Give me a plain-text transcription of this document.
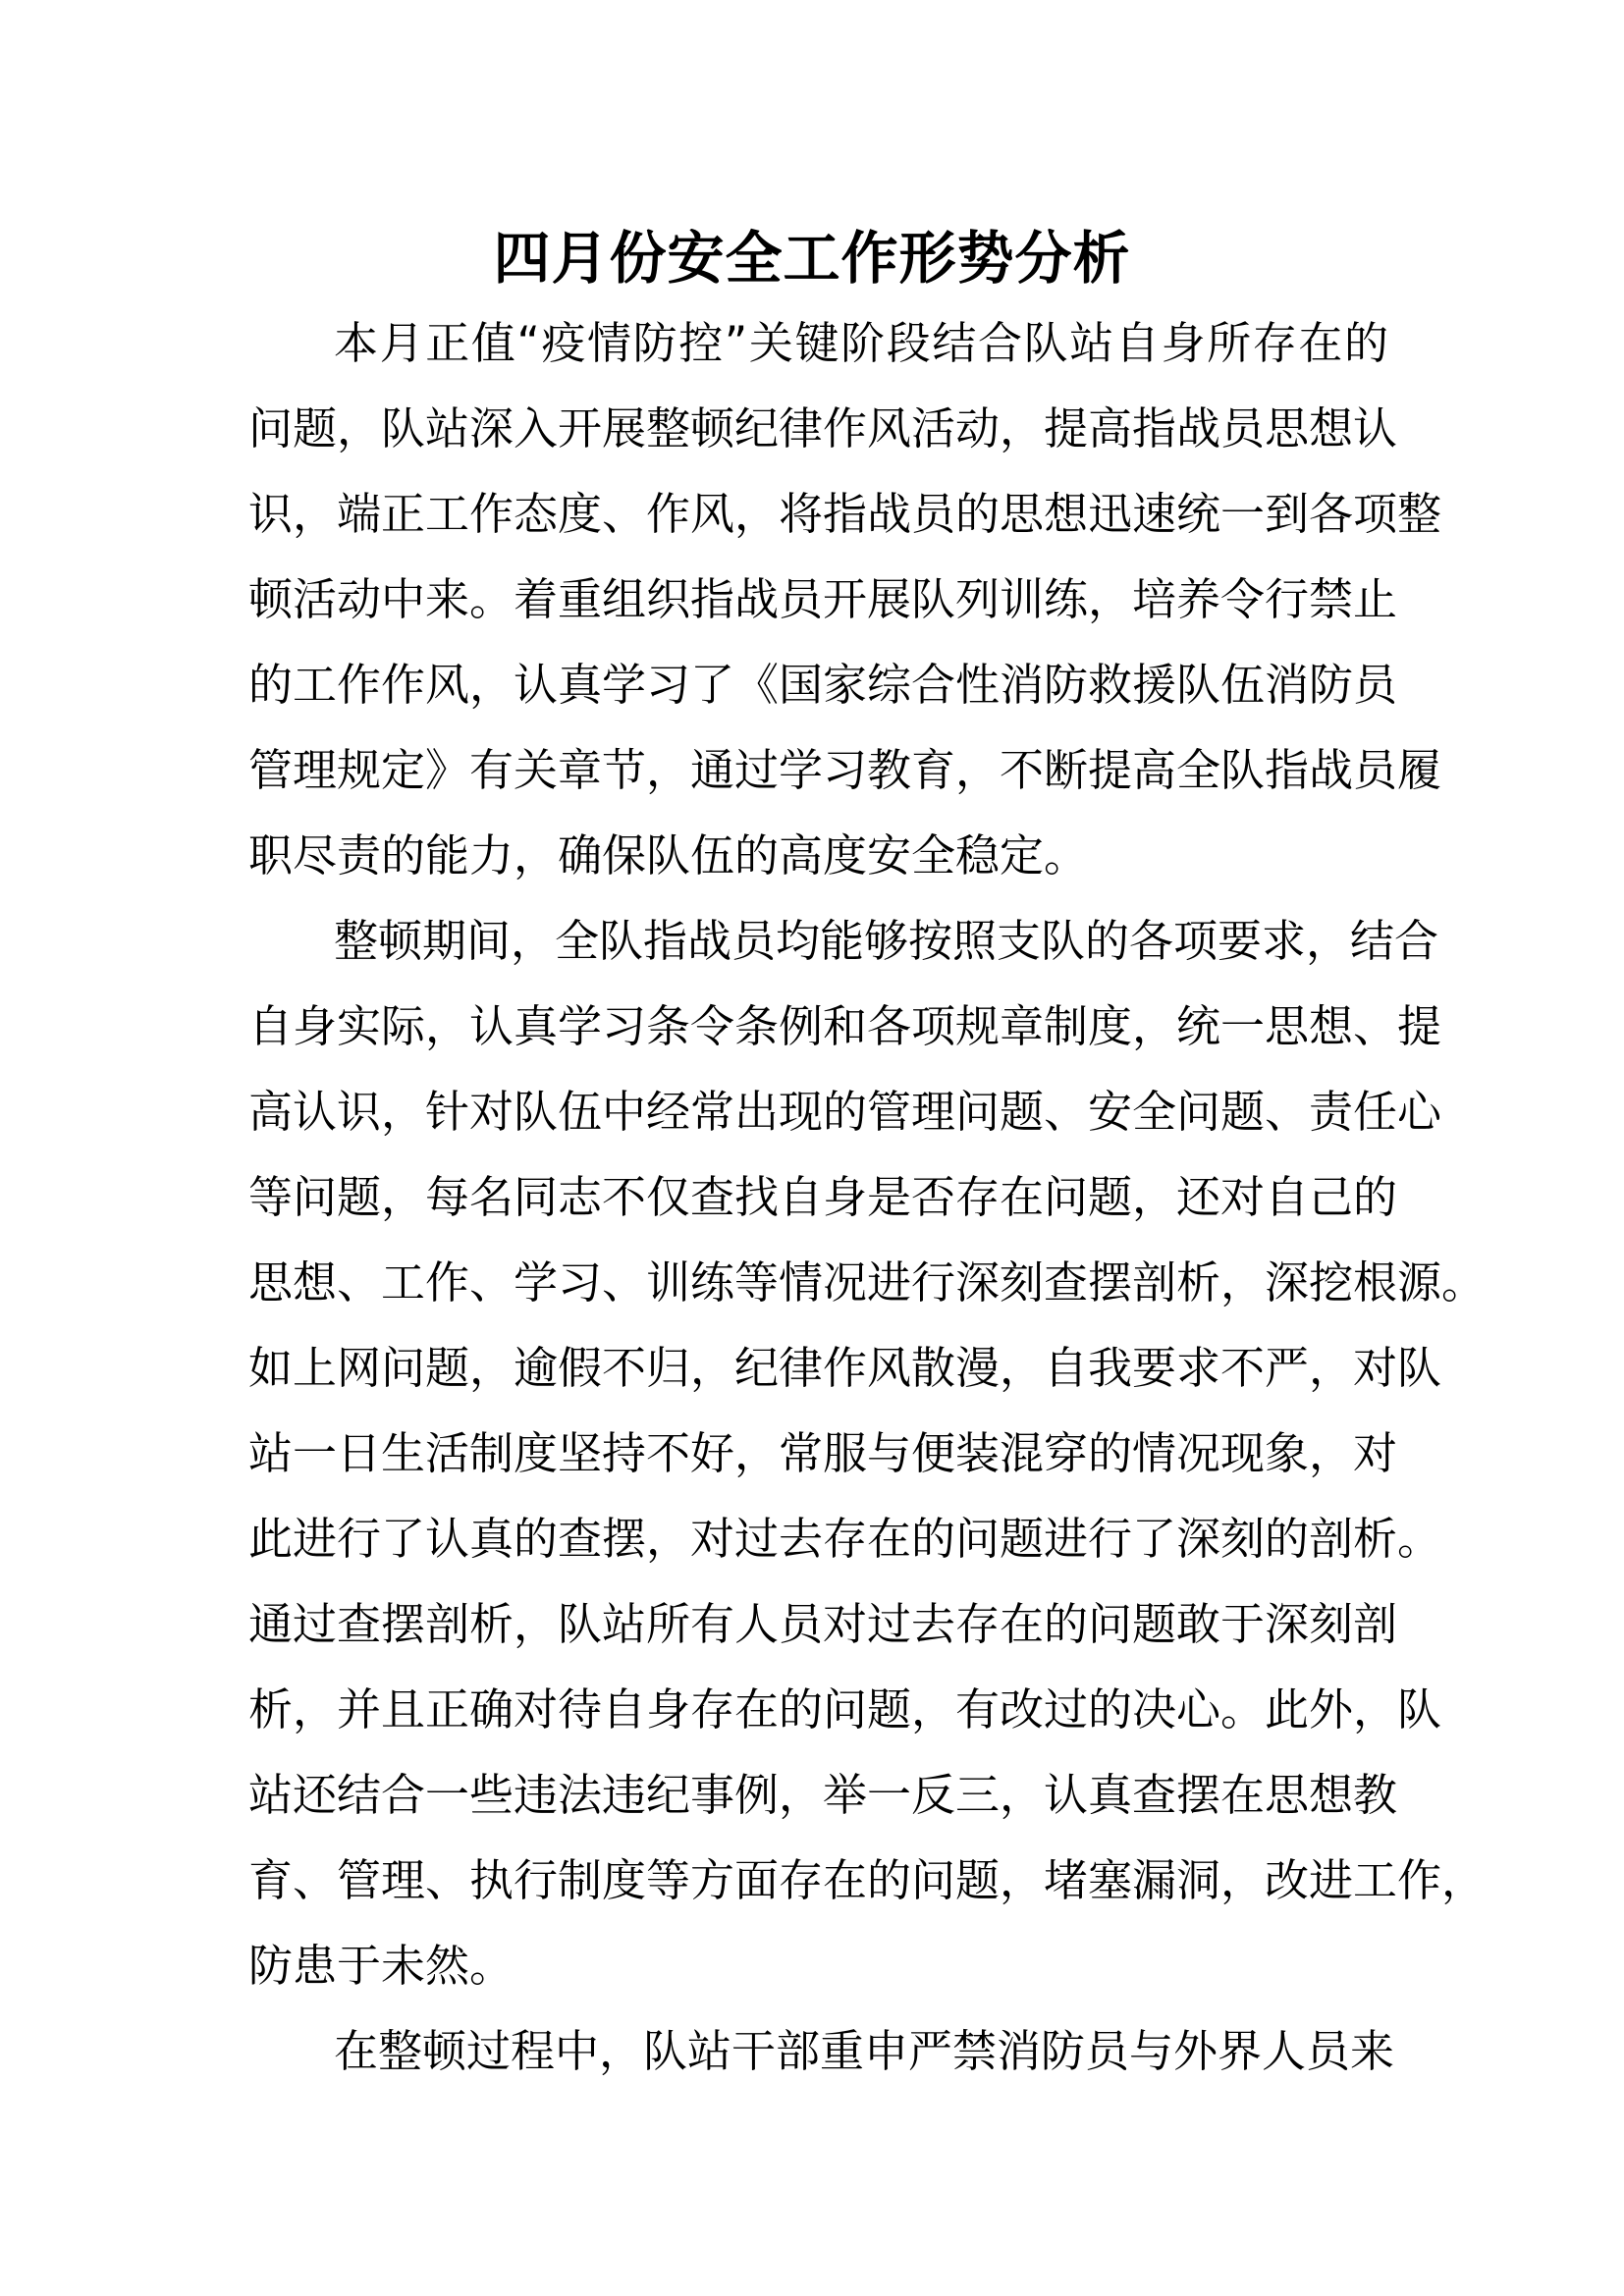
四月份安全工作形势分析
本月正值“疫情防控”关键阶段结合队站自身所存在的
问题，队站深入开展整顿纪律作风活动，提高指战员思想认
识，端正工作态度、作风，将指战员的思想迅速统一到各项整
顿活动中来。着重组织指战员开展队列训练，培养令行禁止
的工作作风，认真学习了《国家综合性消防救援队伍消防员
管理规定》有关章节，通过学习教育，不断提高全队指战员履
职尽责的能力，确保队伍的高度安全稳定。
整顿期间，全队指战员均能够按照支队的各项要求，结合
自身实际，认真学习条令条例和各项规章制度，统一思想、提
高认识，针对队伍中经常出现的管理问题、安全问题、责任心
等问题，每名同志不仅查找自身是否存在问题，还对自己的
思想、工作、学习、训练等情况进行深刻查摆剖析，深挖根源。
如上网问题，逾假不归，纪律作风散漫，自我要求不严，对队
站一日生活制度坚持不好，常服与便装混穿的情况现象，对
此进行了认真的查摆，对过去存在的问题进行了深刻的剖析。
通过查摆剖析，队站所有人员对过去存在的问题敢于深刻剖
析，并且正确对待自身存在的问题，有改过的决心。此外，队
站还结合一些违法违纪事例，举一反三，认真查摆在思想教
育、管理、执行制度等方面存在的问题，堵塞漏洞，改进工作，
防患于未然。
在整顿过程中，队站干部重申严禁消防员与外界人员来
